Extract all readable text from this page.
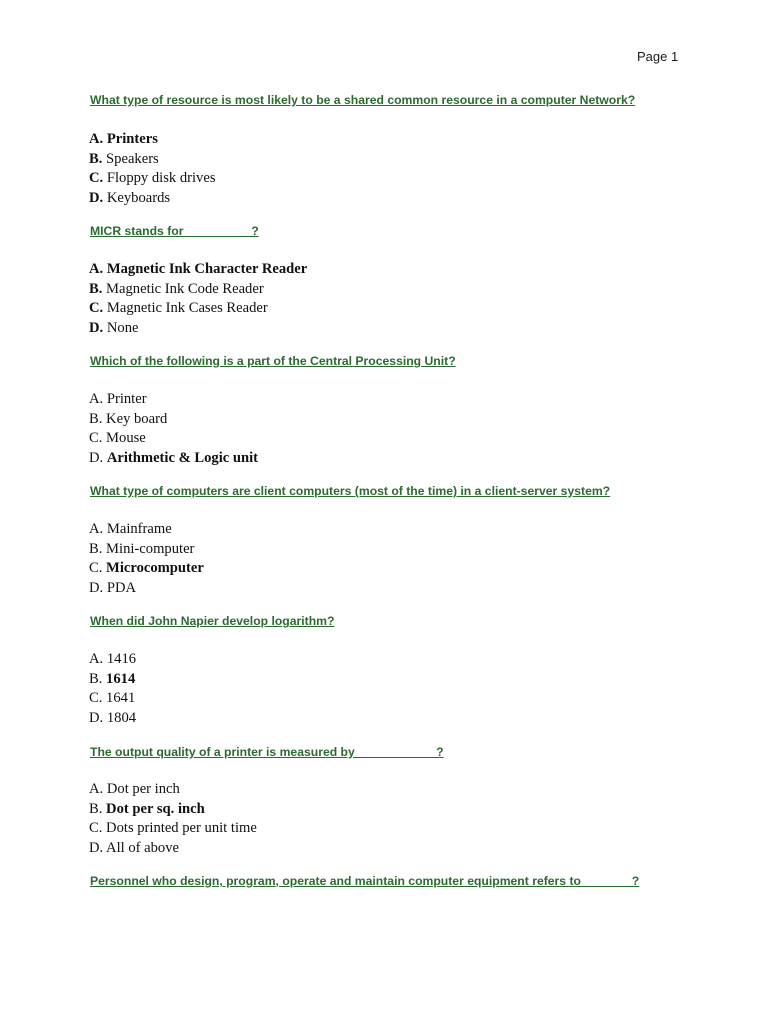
Page 1
What type of resource is most likely to be a shared common resource in a computer Network?
A. Printers
B. Speakers
C. Floppy disk drives
D. Keyboards
MICR stands for__________?
A. Magnetic Ink Character Reader
B. Magnetic Ink Code Reader
C. Magnetic Ink Cases Reader
D. None
Which of the following is a part of the Central Processing Unit?
A. Printer
B. Key board
C. Mouse
D. Arithmetic & Logic unit
What type of computers are client computers (most of the time) in a client-server system?
A. Mainframe
B. Mini-computer
C. Microcomputer
D. PDA
When did John Napier develop logarithm?
A. 1416
B. 1614
C. 1641
D. 1804
The output quality of a printer is measured by____________?
A. Dot per inch
B. Dot per sq. inch
C. Dots printed per unit time
D. All of above
Personnel who design, program, operate and maintain computer equipment refers to               ?
